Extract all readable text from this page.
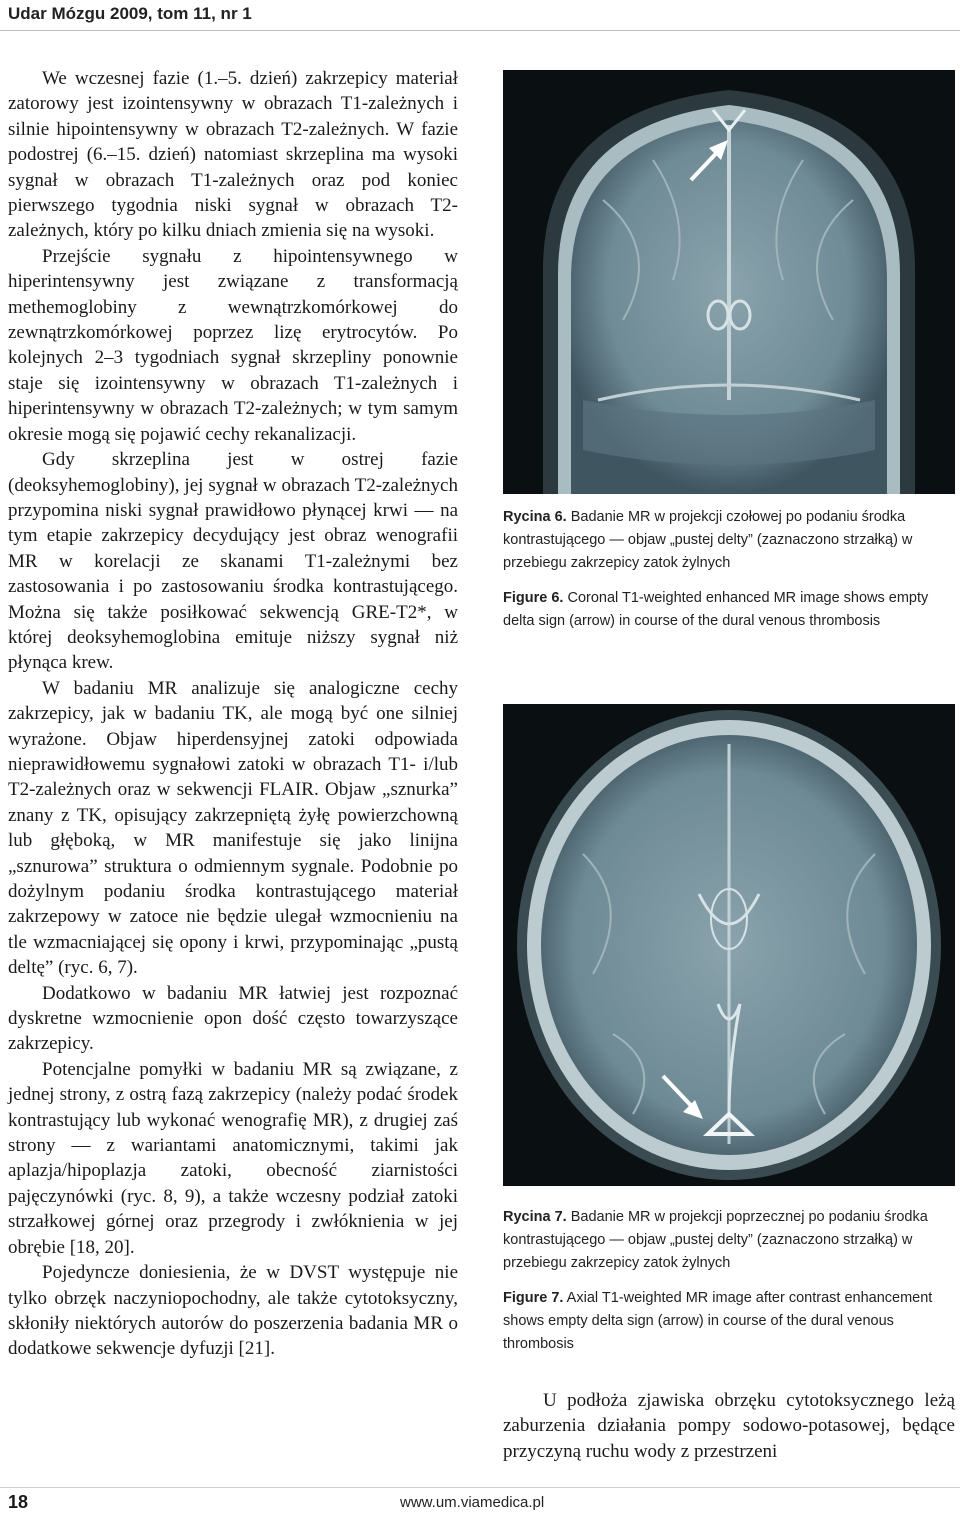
Udar Mózgu 2009, tom 11, nr 1

We wczesnej fazie (1.–5. dzień) zakrzepicy materiał zatorowy jest izointensywny w obrazach T1-zależnych i silnie hipointensywny w obrazach T2-zależnych. W fazie podostrej (6.–15. dzień) natomiast skrzeplina ma wysoki sygnał w obrazach T1-zależnych oraz pod koniec pierwszego tygodnia niski sygnał w obrazach T2-zależnych, który po kilku dniach zmienia się na wysoki.

Przejście sygnału z hipointensywnego w hiperintensywny jest związane z transformacją methemoglobiny z wewnątrzkomórkowej do zewnątrzkomórkowej poprzez lizę erytrocytów. Po kolejnych 2–3 tygodniach sygnał skrzepliny ponownie staje się izointensywny w obrazach T1-zależnych i hiperintensywny w obrazach T2-zależnych; w tym samym okresie mogą się pojawić cechy rekanalizacji.

Gdy skrzeplina jest w ostrej fazie (deoksyhemoglobiny), jej sygnał w obrazach T2-zależnych przypomina niski sygnał prawidłowo płynącej krwi — na tym etapie zakrzepicy decydujący jest obraz wenografii MR w korelacji ze skanami T1-zależnymi bez zastosowania i po zastosowaniu środka kontrastującego. Można się także posiłkować sekwencją GRE-T2*, w której deoksyhemoglobina emituje niższy sygnał niż płynąca krew.

W badaniu MR analizuje się analogiczne cechy zakrzepicy, jak w badaniu TK, ale mogą być one silniej wyrażone. Objaw hiperdensyjnej zatoki odpowiada nieprawidłowemu sygnałowi zatoki w obrazach T1- i/lub T2-zależnych oraz w sekwencji FLAIR. Objaw „sznurka” znany z TK, opisujący zakrzepniętą żyłę powierzchowną lub głęboką, w MR manifestuje się jako linijna „sznurowa” struktura o odmiennym sygnale. Podobnie po dożylnym podaniu środka kontrastującego materiał zakrzepowy w zatoce nie będzie ulegał wzmocnieniu na tle wzmacniającej się opony i krwi, przypominając „pustą deltę” (ryc. 6, 7).

Dodatkowo w badaniu MR łatwiej jest rozpoznać dyskretne wzmocnienie opon dość często towarzyszące zakrzepicy.

Potencjalne pomyłki w badaniu MR są związane, z jednej strony, z ostrą fazą zakrzepicy (należy podać środek kontrastujący lub wykonać wenografię MR), z drugiej zaś strony — z wariantami anatomicznymi, takimi jak aplazja/hipoplazja zatoki, obecność ziarnistości pajęczynówki (ryc. 8, 9), a także wczesny podział zatoki strzałkowej górnej oraz przegrody i zwłóknienia w jej obrębie [18, 20].

Pojedyncze doniesienia, że w DVST występuje nie tylko obrzęk naczyniopochodny, ale także cytotoksyczny, skłoniły niektórych autorów do poszerzenia badania MR o dodatkowe sekwencje dyfuzji [21].

Rycina 6. Badanie MR w projekcji czołowej po podaniu środka kontrastującego — objaw „pustej delty” (zaznaczono strzałką) w przebiegu zakrzepicy zatok żylnych
Figure 6. Coronal T1-weighted enhanced MR image shows empty delta sign (arrow) in course of the dural venous thrombosis
Rycina 7. Badanie MR w projekcji poprzecznej po podaniu środka kontrastującego — objaw „pustej delty” (zaznaczono strzałką) w przebiegu zakrzepicy zatok żylnych
Figure 7. Axial T1-weighted MR image after contrast enhancement shows empty delta sign (arrow) in course of the dural venous thrombosis

U podłoża zjawiska obrzęku cytotoksycznego leżą zaburzenia działania pompy sodowo-potasowej, będące przyczyną ruchu wody z przestrzeni

18	www.um.viamedica.pl
